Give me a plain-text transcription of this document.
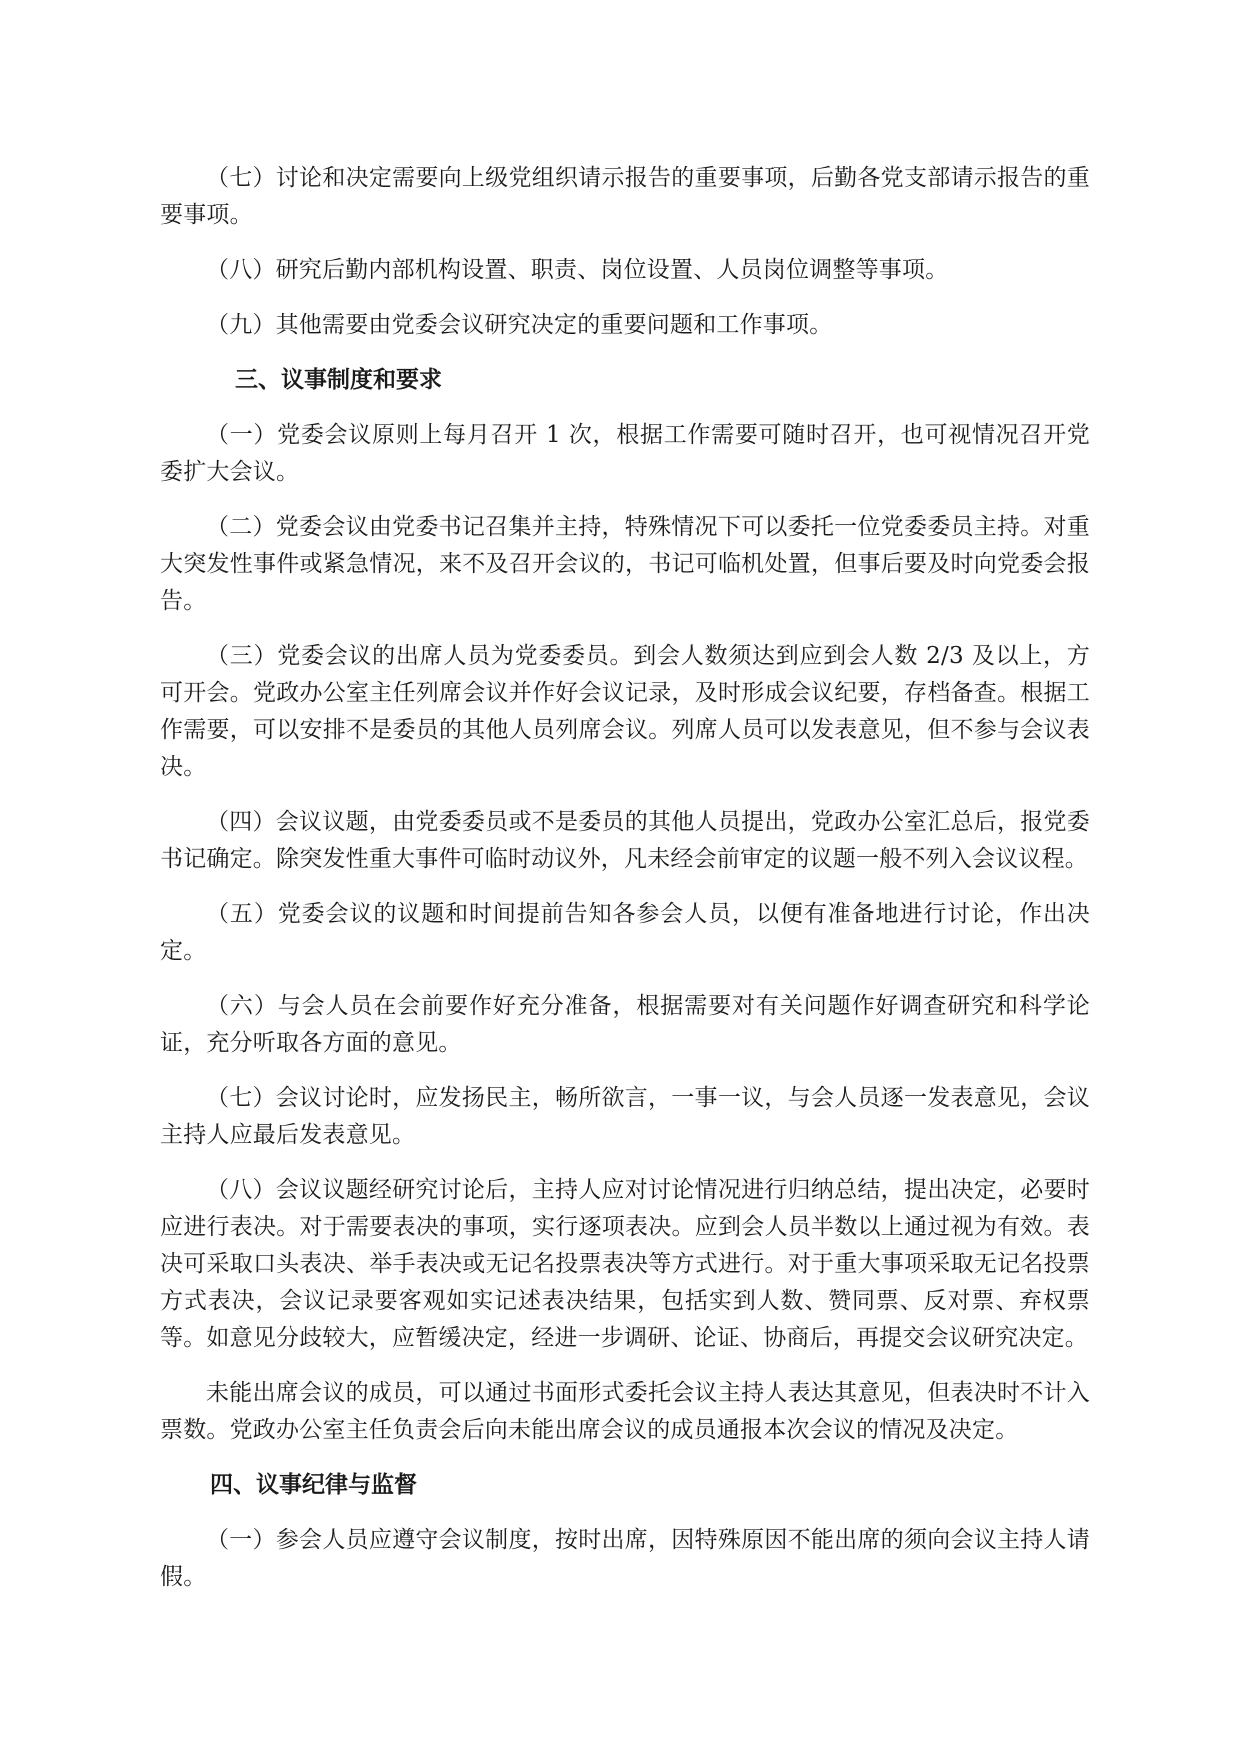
（七）讨论和决定需要向上级党组织请示报告的重要事项，后勤各党支部请示报告的重要事项。

（八）研究后勤内部机构设置、职责、岗位设置、人员岗位调整等事项。

（九）其他需要由党委会议研究决定的重要问题和工作事项。

三、议事制度和要求

（一）党委会议原则上每月召开 1 次，根据工作需要可随时召开，也可视情况召开党委扩大会议。

（二）党委会议由党委书记召集并主持，特殊情况下可以委托一位党委委员主持。对重大突发性事件或紧急情况，来不及召开会议的，书记可临机处置，但事后要及时向党委会报告。

（三）党委会议的出席人员为党委委员。到会人数须达到应到会人数 2/3 及以上，方可开会。党政办公室主任列席会议并作好会议记录，及时形成会议纪要，存档备查。根据工作需要，可以安排不是委员的其他人员列席会议。列席人员可以发表意见，但不参与会议表决。

（四）会议议题，由党委委员或不是委员的其他人员提出，党政办公室汇总后，报党委书记确定。除突发性重大事件可临时动议外，凡未经会前审定的议题一般不列入会议议程。

（五）党委会议的议题和时间提前告知各参会人员，以便有准备地进行讨论，作出决定。

（六）与会人员在会前要作好充分准备，根据需要对有关问题作好调查研究和科学论证，充分听取各方面的意见。

（七）会议讨论时，应发扬民主，畅所欲言，一事一议，与会人员逐一发表意见，会议主持人应最后发表意见。

（八）会议议题经研究讨论后，主持人应对讨论情况进行归纳总结，提出决定，必要时应进行表决。对于需要表决的事项，实行逐项表决。应到会人员半数以上通过视为有效。表决可采取口头表决、举手表决或无记名投票表决等方式进行。对于重大事项采取无记名投票方式表决，会议记录要客观如实记述表决结果，包括实到人数、赞同票、反对票、弃权票等。如意见分歧较大，应暂缓决定，经进一步调研、论证、协商后，再提交会议研究决定。

未能出席会议的成员，可以通过书面形式委托会议主持人表达其意见，但表决时不计入票数。党政办公室主任负责会后向未能出席会议的成员通报本次会议的情况及决定。

四、议事纪律与监督

（一）参会人员应遵守会议制度，按时出席，因特殊原因不能出席的须向会议主持人请假。
